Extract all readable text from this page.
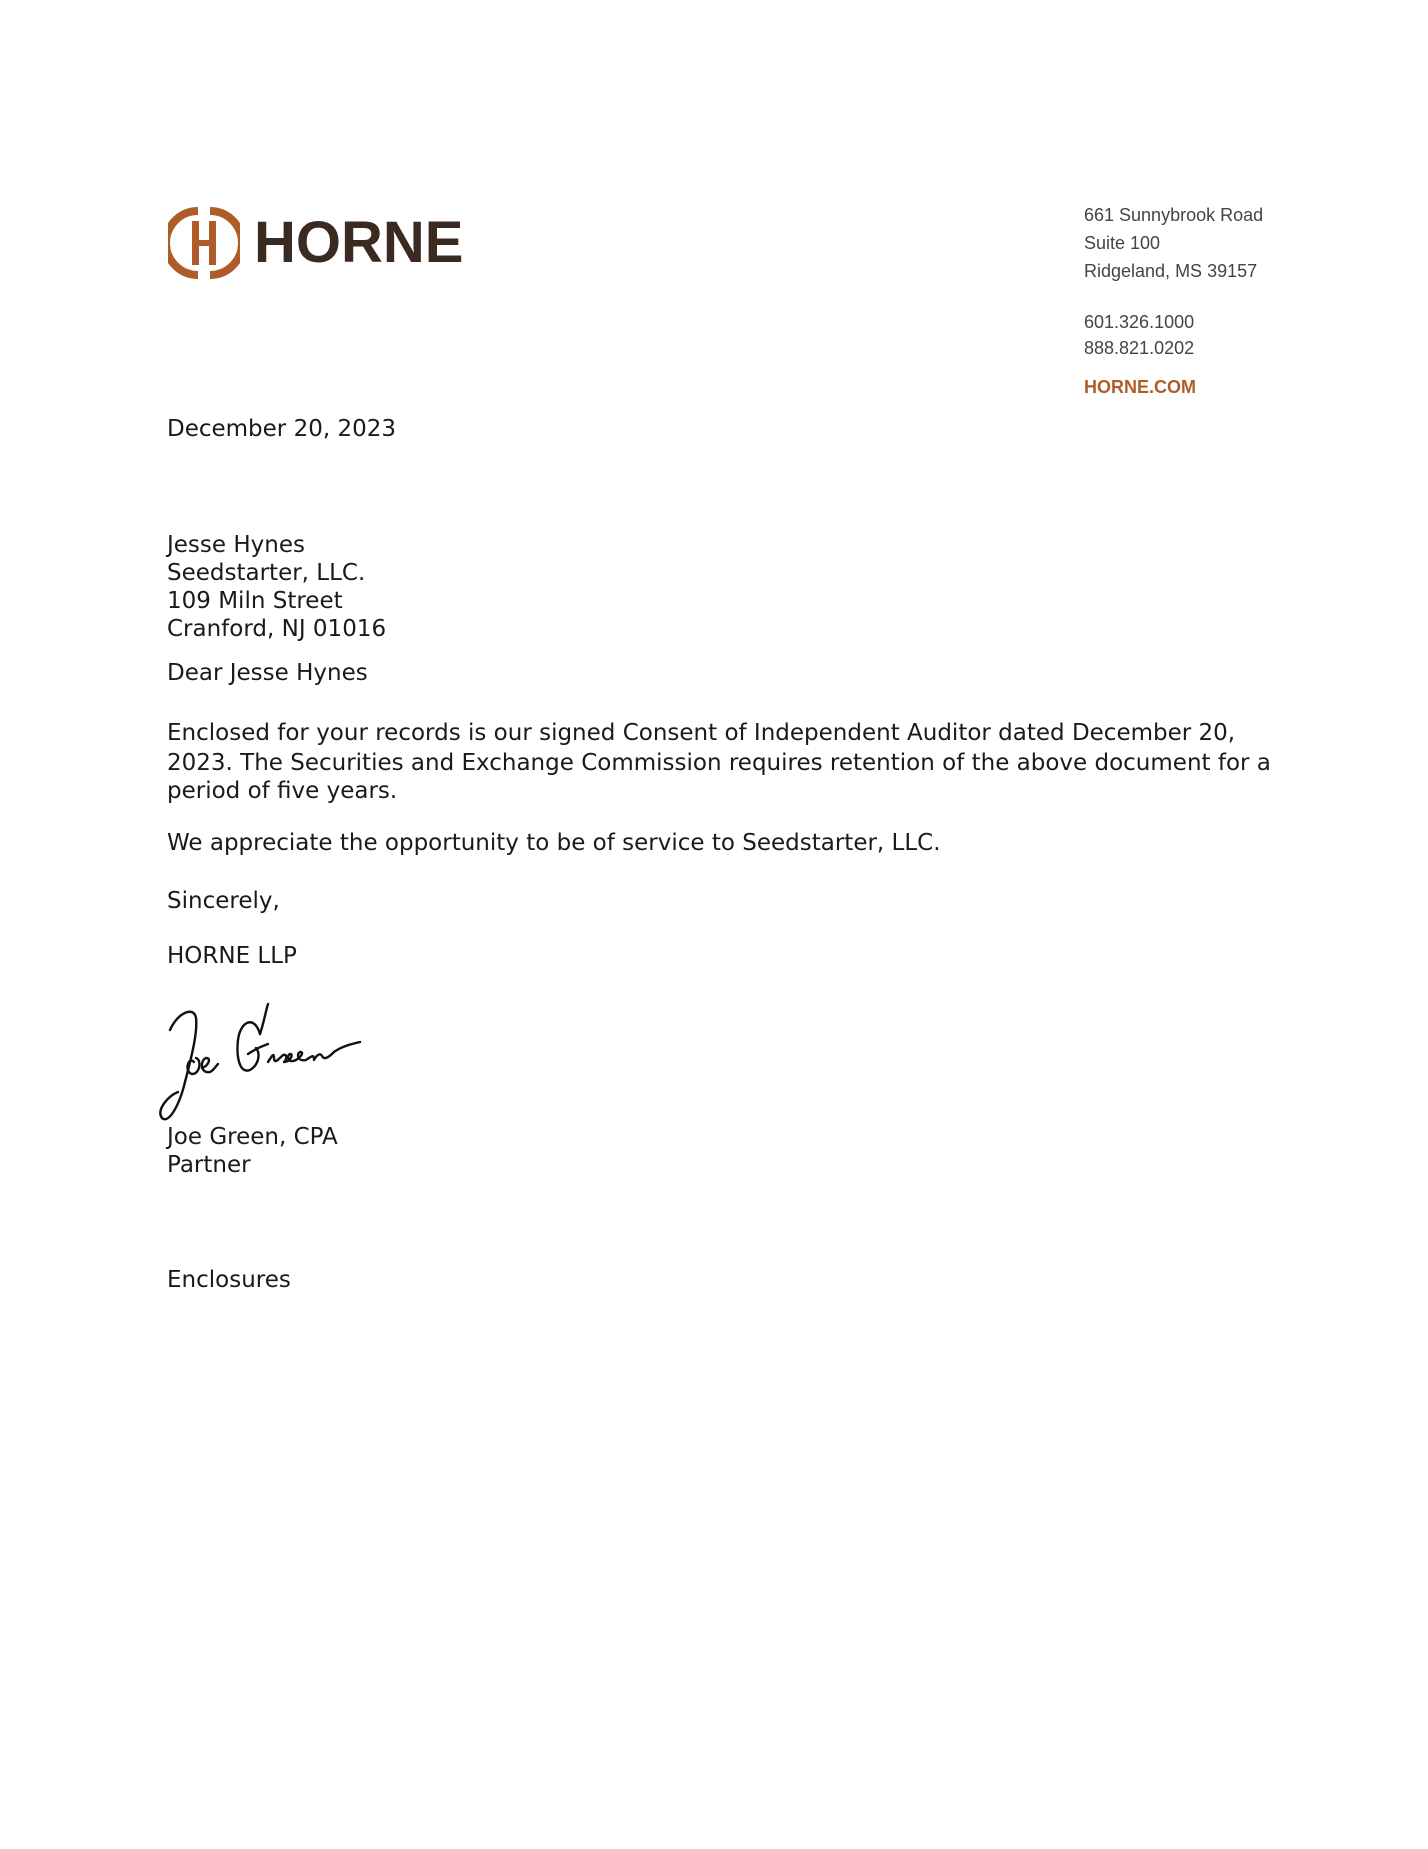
HORNE	661 Sunnybrook Road
Suite 100
Ridgeland, MS 39157
601.326.1000
888.821.0202
HORNE.COM
December 20, 2023
Jesse Hynes
Seedstarter, LLC.
109 Miln Street
Cranford, NJ 01016
Dear Jesse Hynes
Enclosed for your records is our signed Consent of Independent Auditor dated December 20,
2023. The Securities and Exchange Commission requires retention of the above document for a
period of five years.
We appreciate the opportunity to be of service to Seedstarter, LLC.
Sincerely,
HORNE LLP
Joe Green, CPA
Partner
Enclosures
